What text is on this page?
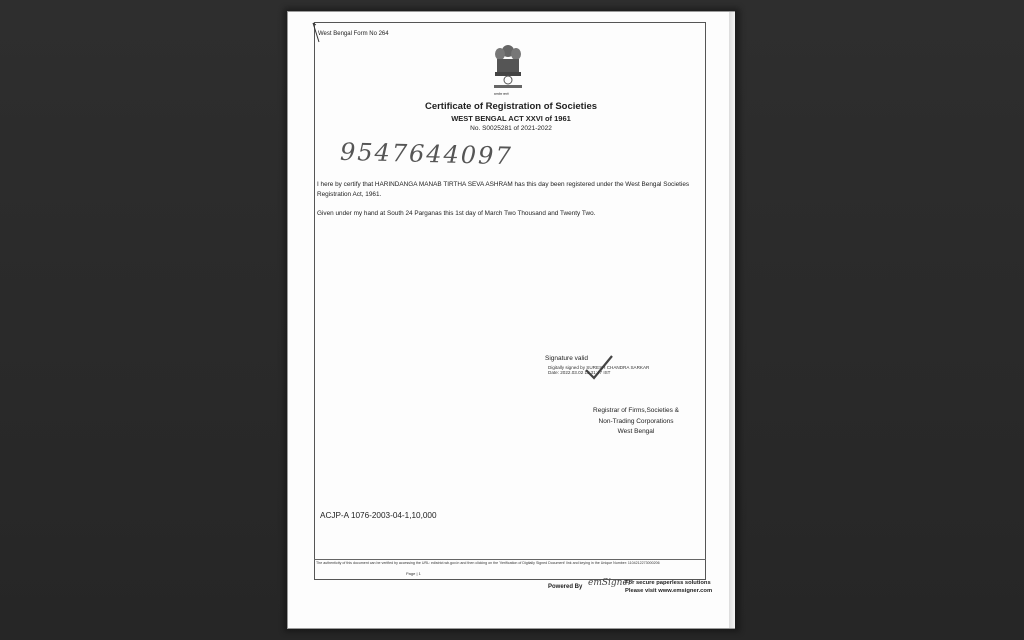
West Bengal Form No 264
सत्यमेव जयते
Certificate of Registration of Societies
WEST BENGAL ACT XXVI of 1961
No. S0025281 of 2021-2022
9547644097
I here by certify that HARINDANGA MANAB TIRTHA SEVA ASHRAM has this day been registered under the West Bengal Societies Registration Act, 1961.
Given under my hand at South 24 Parganas this 1st day of March Two Thousand and Twenty Two.
Signature valid
Digitally signed by SURESH CHANDRA SARKAR
Date: 2022.03.02 11:31:47 IST
Registrar of Firms,Societies &
Non-Trading Corporations
West Bengal
ACJP-A 1076-2003-04-1,10,000
The authenticity of this document can be verified by accessing the URL: edistrict.wb.gov.in and then clicking on the 'Verification of Digitally Signed Document' link and keying in the Unique Number: 1104212273000206
Page | 1
Powered By emSigner
For secure paperless solutions
Please visit www.emsigner.com
